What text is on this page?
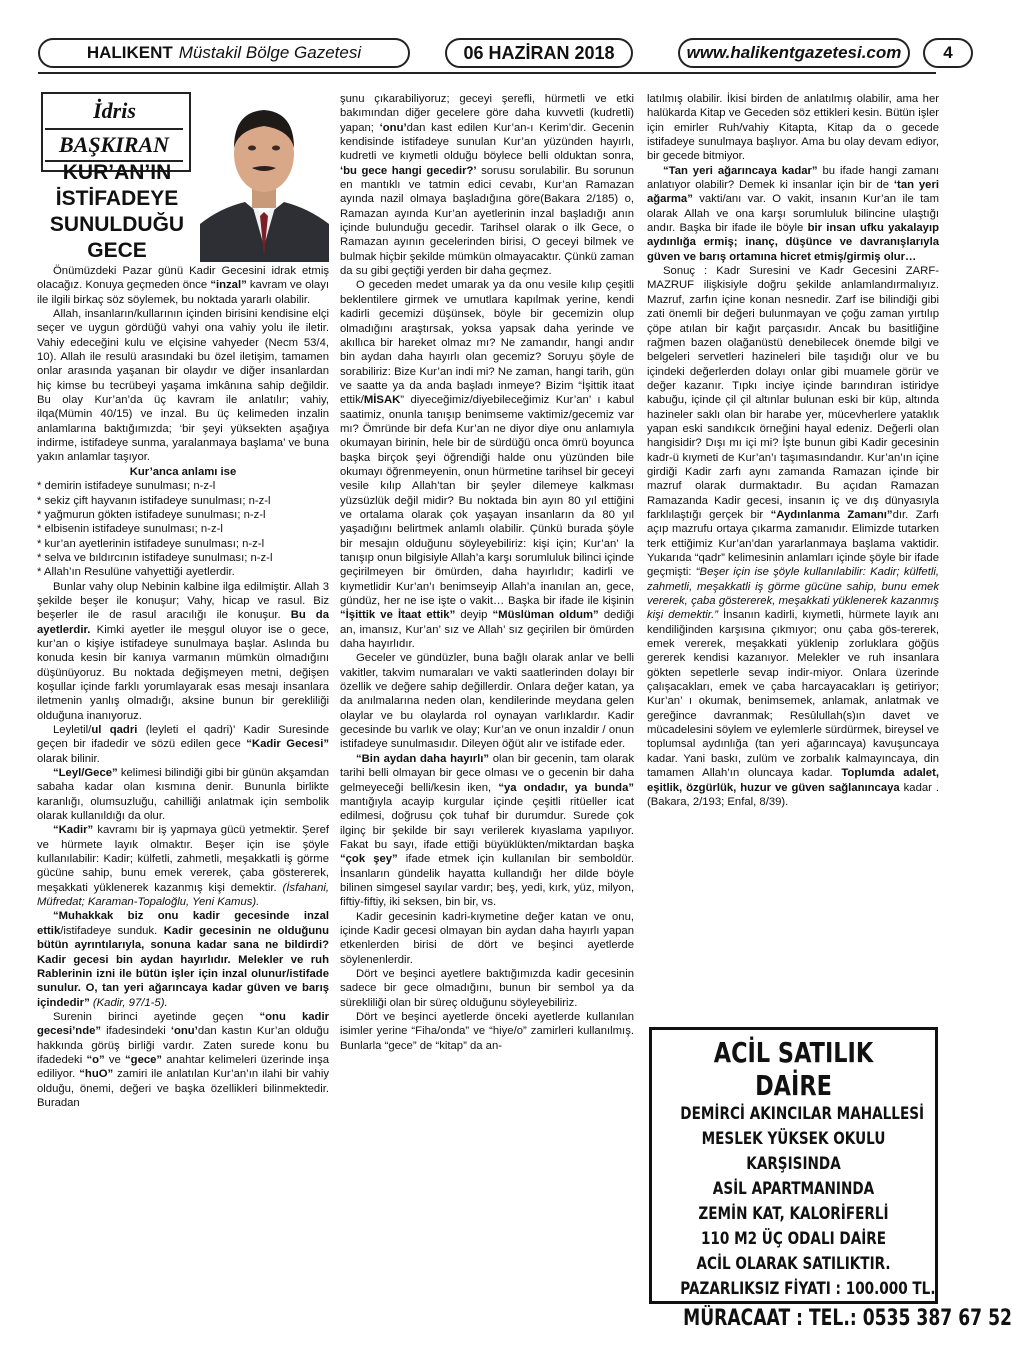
HALIKENT Müstakil Bölge Gazetesi	06 HAZİRAN 2018	www.halikentgazetesi.com	4
İdris
BAŞKIRAN
KUR’AN’IN İSTİFADEYE SUNULDUĞU GECE

Önümüzdeki Pazar günü Kadir Gecesini idrak etmiş olacağız. Konuya geçmeden önce “inzal” kavram ve olayı ile ilgili birkaç söz söylemek, bu noktada yararlı olabilir.

Allah, insanların/kullarının içinden birisini kendisine elçi seçer ve uygun gördüğü vahyi ona vahiy yolu ile iletir. Vahiy edeceğini kulu ve elçisine vahyeder (Necm 53/4, 10). Allah ile resulü arasındaki bu özel iletişim, tamamen onlar arasında yaşanan bir olaydır ve diğer insanlardan hiç kimse bu tecrübeyi yaşama imkânına sahip değildir. Bu olay Kur’an’da üç kavram ile anlatılır; vahiy, ilqa(Mümin 40/15) ve inzal. Bu üç kelimeden inzalin anlamlarına baktığımızda; ‘bir şeyi yüksekten aşağıya indirme, istifadeye sunma, yaralanmaya başlama’ ve buna yakın anlamlar taşıyor.

Kur’anca anlamı ise

* demirin istifadeye sunulması; n-z-l

* sekiz çift hayvanın istifadeye sunulması; n-z-l

* yağmurun gökten istifadeye sunulması; n-z-l

* elbisenin istifadeye sunulması; n-z-l

* kur’an ayetlerinin istifadeye sunulması; n-z-l

* selva ve bıldırcının istifadeye sunulması; n-z-l

* Allah’ın Resulüne vahyettiği ayetlerdir.

Bunlar vahy olup Nebinin kalbine ilga edilmiştir. Allah 3 şekilde beşer ile konuşur; Vahy, hicap ve rasul. Biz beşerler ile de rasul aracılığı ile konuşur. Bu da ayetlerdir. Kimki ayetler ile meşgul oluyor ise o gece, kur’an o kişiye istifadeye sunulmaya başlar. Aslında bu konuda kesin bir kanıya varmanın mümkün olmadığını düşünüyoruz. Bu noktada değişmeyen metni, değişen koşullar içinde farklı yorumlayarak esas mesajı insanlara iletmenin yanlış olmadığı, aksine bunun bir gerekliliği olduğuna inanıyoruz.

Leyletil/ul qadri (leyleti el qadri)’ Kadir Suresinde geçen bir ifadedir ve sözü edilen gece “Kadir Gecesi” olarak bilinir.

“Leyl/Gece” kelimesi bilindiği gibi bir günün akşamdan sabaha kadar olan kısmına denir. Bununla birlikte karanlığı, olumsuzluğu, cahilliği anlatmak için sembolik olarak kullanıldığı da olur.

“Kadir” kavramı bir iş yapmaya gücü yetmektir. Şeref ve hürmete layık olmaktır. Beşer için ise şöyle kullanılabilir: Kadir; külfetli, zahmetli, meşakkatli iş görme gücüne sahip, bunu emek vererek, çaba göstererek, meşakkati yüklenerek kazanmış kişi demektir. (İsfahani, Müfredat; Karaman-Topaloğlu, Yeni Kamus).

“Muhakkak biz onu kadir gecesinde inzal ettik/istifadeye sunduk. Kadir gecesinin ne olduğunu bütün ayrıntılarıyla, sonuna kadar sana ne bildirdi? Kadir gecesi bin aydan hayırlıdır. Melekler ve ruh Rablerinin izni ile bütün işler için inzal olunur/istifade sunulur. O, tan yeri ağarıncaya kadar güven ve barış içindedir” (Kadir, 97/1-5).

Surenin birinci ayetinde geçen “onu kadir gecesi’nde” ifadesindeki ‘onu’dan kastın Kur’an olduğu hakkında görüş birliği vardır. Zaten surede konu bu ifadedeki “o” ve “gece” anahtar kelimeleri üzerinde inşa ediliyor. “huO” zamiri ile anlatılan Kur’an’ın ilahi bir vahiy olduğu, önemi, değeri ve başka özellikleri bilinmektedir. Buradan

şunu çıkarabiliyoruz; geceyi şerefli, hürmetli ve etki bakımından diğer gecelere göre daha kuvvetli (kudretli) yapan; ‘onu’dan kast edilen Kur’an-ı Kerim’dir. Gecenin kendisinde istifadeye sunulan Kur’an yüzünden hayırlı, kudretli ve kıymetli olduğu böylece belli olduktan sonra, ‘bu gece hangi gecedir?’ sorusu sorulabilir. Bu sorunun en mantıklı ve tatmin edici cevabı, Kur’an Ramazan ayında nazil olmaya başladığına göre(Bakara 2/185) o, Ramazan ayında Kur’an ayetlerinin inzal başladığı anın içinde bulunduğu gecedir. Tarihsel olarak o ilk Gece, o Ramazan ayının gecelerinden birisi, O geceyi bilmek ve bulmak hiçbir şekilde mümkün olmayacaktır. Çünkü zaman da su gibi geçtiği yerden bir daha geçmez.

O geceden medet umarak ya da onu vesile kılıp çeşitli beklentilere girmek ve umutlara kapılmak yerine, kendi kadirli gecemizi düşünsek, böyle bir gecemizin olup olmadığını araştırsak, yoksa yapsak daha yerinde ve akıllıca bir hareket olmaz mı? Ne zamandır, hangi andır bin aydan daha hayırlı olan gecemiz? Soruyu şöyle de sorabiliriz: Bize Kur’an indi mi? Ne zaman, hangi tarih, gün ve saatte ya da anda başladı inmeye? Bizim “İşittik itaat ettik/MİSAK” diyeceğimiz/diyebileceğimiz Kur’an’ ı kabul saatimiz, onunla tanışıp benimseme vaktimiz/gecemiz var mı? Ömründe bir defa Kur’an ne diyor diye onu anlamıyla okumayan birinin, hele bir de sürdüğü onca ömrü boyunca başka birçok şeyi öğrendiği halde onu yüzünden bile okumayı öğrenmeyenin, onun hürmetine tarihsel bir geceyi vesile kılıp Allah’tan bir şeyler dilemeye kalkması yüzsüzlük değil midir? Bu noktada bin ayın 80 yıl ettiğini ve ortalama olarak çok yaşayan insanların da 80 yıl yaşadığını belirtmek anlamlı olabilir. Çünkü burada şöyle bir mesajın olduğunu söyleyebiliriz: kişi için; Kur’an’ la tanışıp onun bilgisiyle Allah’a karşı sorumluluk bilinci içinde geçirilmeyen bir ömürden, daha hayırlıdır; kadirli ve kıymetlidir Kur’an’ı benimseyip Allah’a inanılan an, gece, gündüz, her ne ise işte o vakit… Başka bir ifade ile kişinin “İşittik ve İtaat ettik” deyip “Müslüman oldum” dediği an, imansız, Kur’an’ sız ve Allah’ sız geçirilen bir ömürden daha hayırlıdır.

Geceler ve gündüzler, buna bağlı olarak anlar ve belli vakitler, takvim numaraları ve vakti saatlerinden dolayı bir özellik ve değere sahip değillerdir. Onlara değer katan, ya da anılmalarına neden olan, kendilerinde meydana gelen olaylar ve bu olaylarda rol oynayan varlıklardır. Kadir gecesinde bu varlık ve olay; Kur’an ve onun inzaldir / onun istifadeye sunulmasıdır. Dileyen öğüt alır ve istifade eder.

“Bin aydan daha hayırlı” olan bir gecenin, tam olarak tarihi belli olmayan bir gece olması ve o gecenin bir daha gelmeyeceği belli/kesin iken, “ya ondadır, ya bunda” mantığıyla acayip kurgular içinde çeşitli ritüeller icat edilmesi, doğrusu çok tuhaf bir durumdur. Surede çok ilginç bir şekilde bir sayı verilerek kıyaslama yapılıyor. Fakat bu sayı, ifade ettiği büyüklükten/miktardan başka “çok şey” ifade etmek için kullanılan bir semboldür. İnsanların gündelik hayatta kullandığı her dilde böyle bilinen simgesel sayılar vardır; beş, yedi, kırk, yüz, milyon, fiftiy-fiftiy, iki seksen, bin bir, vs.

Kadir gecesinin kadri-kıymetine değer katan ve onu, içinde Kadir gecesi olmayan bin aydan daha hayırlı yapan etkenlerden birisi de dört ve beşinci ayetlerde söylenenlerdir.

Dört ve beşinci ayetlere baktığımızda kadir gecesinin sadece bir gece olmadığını, bunun bir sembol ya da sürekliliği olan bir süreç olduğunu söyleyebiliriz.

Dört ve beşinci ayetlerde önceki ayetlerde kullanılan isimler yerine “Fiha/onda” ve “hiye/o” zamirleri kullanılmış. Bunlarla “gece” de “kitap” da an-

latılmış olabilir. İkisi birden de anlatılmış olabilir, ama her halükarda Kitap ve Geceden söz ettikleri kesin. Bütün işler için emirler Ruh/vahiy Kitapta, Kitap da o gecede istifadeye sunulmaya başlıyor. Ama bu olay devam ediyor, bir gecede bitmiyor.

“Tan yeri ağarıncaya kadar” bu ifade hangi zamanı anlatıyor olabilir? Demek ki insanlar için bir de ‘tan yeri ağarma” vakti/anı var. O vakit, insanın Kur’an ile tam olarak Allah ve ona karşı sorumluluk bilincine ulaştığı andır. Başka bir ifade ile böyle bir insan ufku yakalayıp aydınlığa ermiş; inanç, düşünce ve davranışlarıyla güven ve barış ortamına hicret etmiş/girmiş olur…

Sonuç : Kadr Suresini ve Kadr Gecesini ZARF-MAZRUF ilişkisiyle doğru şekilde anlamlandırmalıyız. Mazruf, zarfın içine konan nesnedir. Zarf ise bilindiği gibi zati önemli bir değeri bulunmayan ve çoğu zaman yırtılıp çöpe atılan bir kağıt parçasıdır. Ancak bu basitliğine rağmen bazen olağanüstü denebilecek önemde bilgi ve belgeleri servetleri hazineleri bile taşıdığı olur ve bu içindeki değerlerden dolayı onlar gibi muamele görür ve değer kazanır. Tıpkı inciye içinde barındıran istiridye kabuğu, içinde çil çil altınlar bulunan eski bir küp, altında hazineler saklı olan bir harabe yer, mücevherlere yataklık yapan eski sandıkcık örneğini hayal edeniz. Değerli olan hangisidir? Dışı mı içi mi? İşte bunun gibi Kadir gecesinin kadr-ü kıymeti de Kur’an’ı taşımasındandır. Kur’an’ın içine girdiği Kadir zarfı aynı zamanda Ramazan içinde bir mazruf olarak durmaktadır. Bu açıdan Ramazan Ramazanda Kadir gecesi, insanın iç ve dış dünyasıyla farklılaştığı gerçek bir “Aydınlanma Zamanı”dır. Zarfı açıp mazrufu ortaya çıkarma zamanıdır. Elimizde tutarken terk ettiğimiz Kur’an’dan yararlanmaya başlama vaktidir. Yukarıda “qadr” kelimesinin anlamları içinde şöyle bir ifade geçmişti: “Beşer için ise şöyle kullanılabilir: Kadir; külfetli, zahmetli, meşakkatli iş görme gücüne sahip, bunu emek vererek, çaba göstererek, meşakkati yüklenerek kazanmış kişi demektir.” İnsanın kadirli, kıymetli, hürmete layık anı kendiliğinden karşısına çıkmıyor; onu çaba gös-tererek, emek vererek, meşakkati yüklenip zorluklara göğüs gererek kendisi kazanıyor. Melekler ve ruh insanlara gökten sepetlerle sevap indir-miyor. Onlara üzerinde çalışacakları, emek ve çaba harcayacakları iş getiriyor; Kur’an’ ı okumak, benimsemek, anlamak, anlatmak ve gereğince davranmak; Resûlullah(s)ın davet ve mücadelesini söylem ve eylemlerle sürdürmek, bireysel ve toplumsal aydınlığa (tan yeri ağarıncaya) kavuşuncaya kadar. Yani baskı, zulüm ve zorbalık kalmayıncaya, din tamamen Allah’ın oluncaya kadar. Toplumda adalet, eşitlik, özgürlük, huzur ve güven sağlanıncaya kadar . (Bakara, 2/193; Enfal, 8/39).

ACİL SATILIK DAİRE
DEMİRCİ AKINCILAR MAHALLESİ
MESLEK YÜKSEK OKULU
KARŞISINDA
ASİL APARTMANINDA
ZEMİN KAT, KALORİFERLİ
110 M2 ÜÇ ODALI DAİRE
ACİL OLARAK SATILIKTIR.
PAZARLIKSIZ FİYATI : 100.000 TL.
MÜRACAAT : TEL.: 0535 387 67 52
